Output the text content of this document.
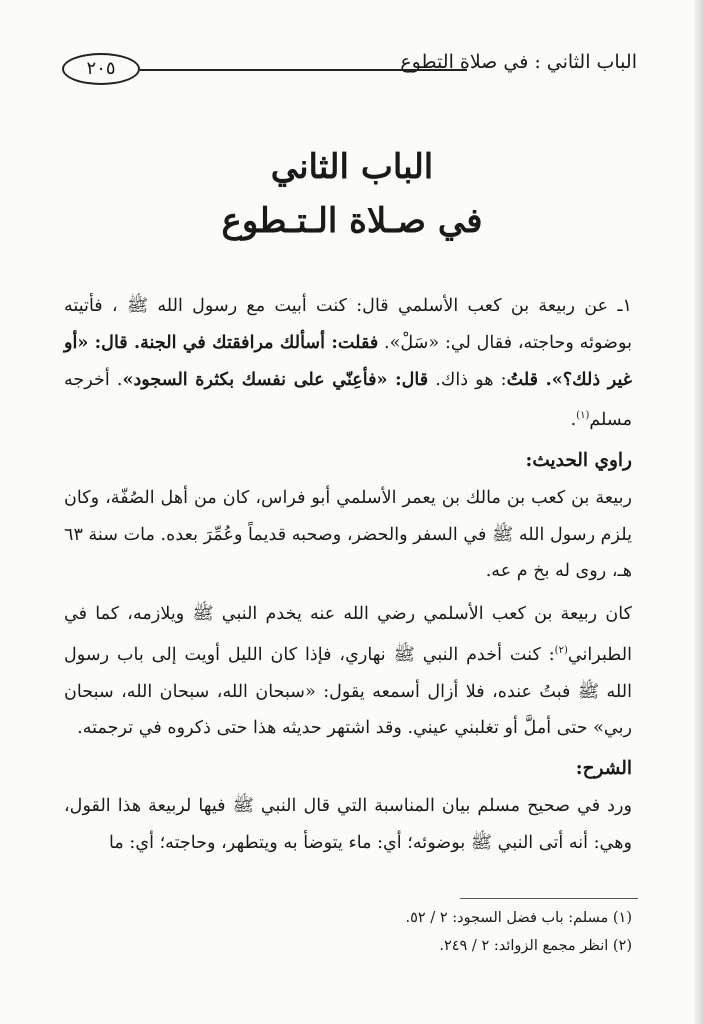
الباب الثاني : في صلاة التطوع
٢٠٥
الباب الثاني
في صـلاة الـتـطوع

١ـ عن ربيعة بن كعب الأسلمي قال: كنت أبيت مع رسول الله ﷺ ، فأتيته بوضوئه وحاجته، فقال لي: «سَلْ». فقلت: أسألك مرافقتك في الجنة. قال: «أو غير ذلك؟». قلتُ: هو ذاك. قال: «فأعِنّي على نفسك بكثرة السجود». أخرجه مسلم$^{(١)}$.

راوي الحديث:

ربيعة بن كعب بن مالك بن يعمر الأسلمي أبو فراس، كان من أهل الصُفّة، وكان يلزم رسول الله ﷺ في السفر والحضر، وصحبه قديماً وعُمِّرَ بعده. مات سنة ٦٣ هـ، روى له بخ م عه.

كان ربيعة بن كعب الأسلمي رضي الله عنه يخدم النبي ﷺ ويلازمه، كما في الطبراني$^{(٢)}$: كنت أخدم النبي ﷺ نهاري، فإذا كان الليل أويت إلى باب رسول الله ﷺ فبتُ عنده، فلا أزال أسمعه يقول: «سبحان الله، سبحان الله، سبحان ربي» حتى أملَّ أو تغلبني عيني. وقد اشتهر حديثه هذا حتى ذكروه في ترجمته.

الشرح:

ورد في صحيح مسلم بيان المناسبة التي قال النبي ﷺ فيها لربيعة هذا القول، وهي: أنه أتى النبي ﷺ بوضوئه؛ أي: ماء يتوضأ به ويتطهر، وحاجته؛ أي: ما

(١) مسلم: باب فضل السجود: ٢ / ٥٢.
(٢) انظر مجمع الزوائد: ٢ / ٢٤٩.
